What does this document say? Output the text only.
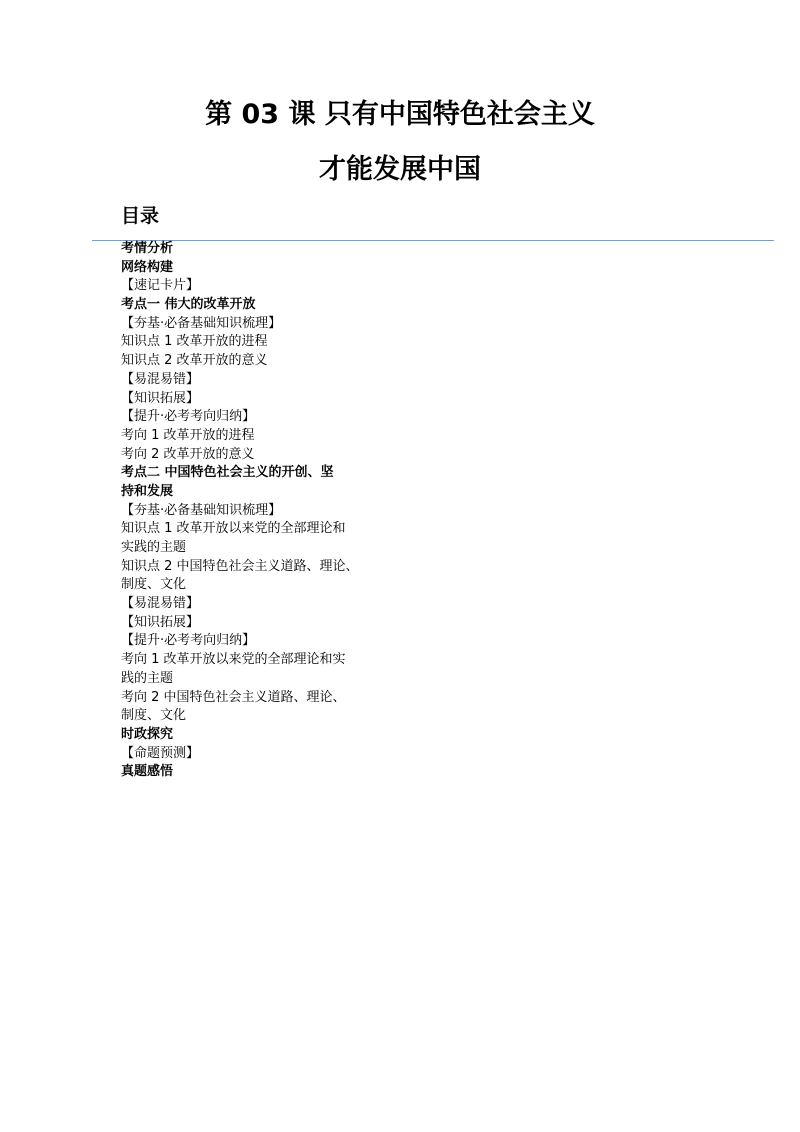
第 03 课 只有中国特色社会主义
才能发展中国
目录
考情分析
网络构建
【速记卡片】
考点一 伟大的改革开放
【夯基·必备基础知识梳理】
知识点 1 改革开放的进程
知识点 2 改革开放的意义
【易混易错】
【知识拓展】
【提升·必考考向归纳】
考向 1 改革开放的进程
考向 2 改革开放的意义
考点二 中国特色社会主义的开创、坚
持和发展
【夯基·必备基础知识梳理】
知识点 1 改革开放以来党的全部理论和
实践的主题
知识点 2 中国特色社会主义道路、理论、
制度、文化
【易混易错】
【知识拓展】
【提升·必考考向归纳】
考向 1 改革开放以来党的全部理论和实
践的主题
考向 2 中国特色社会主义道路、理论、
制度、文化
时政探究
【命题预测】
真题感悟
